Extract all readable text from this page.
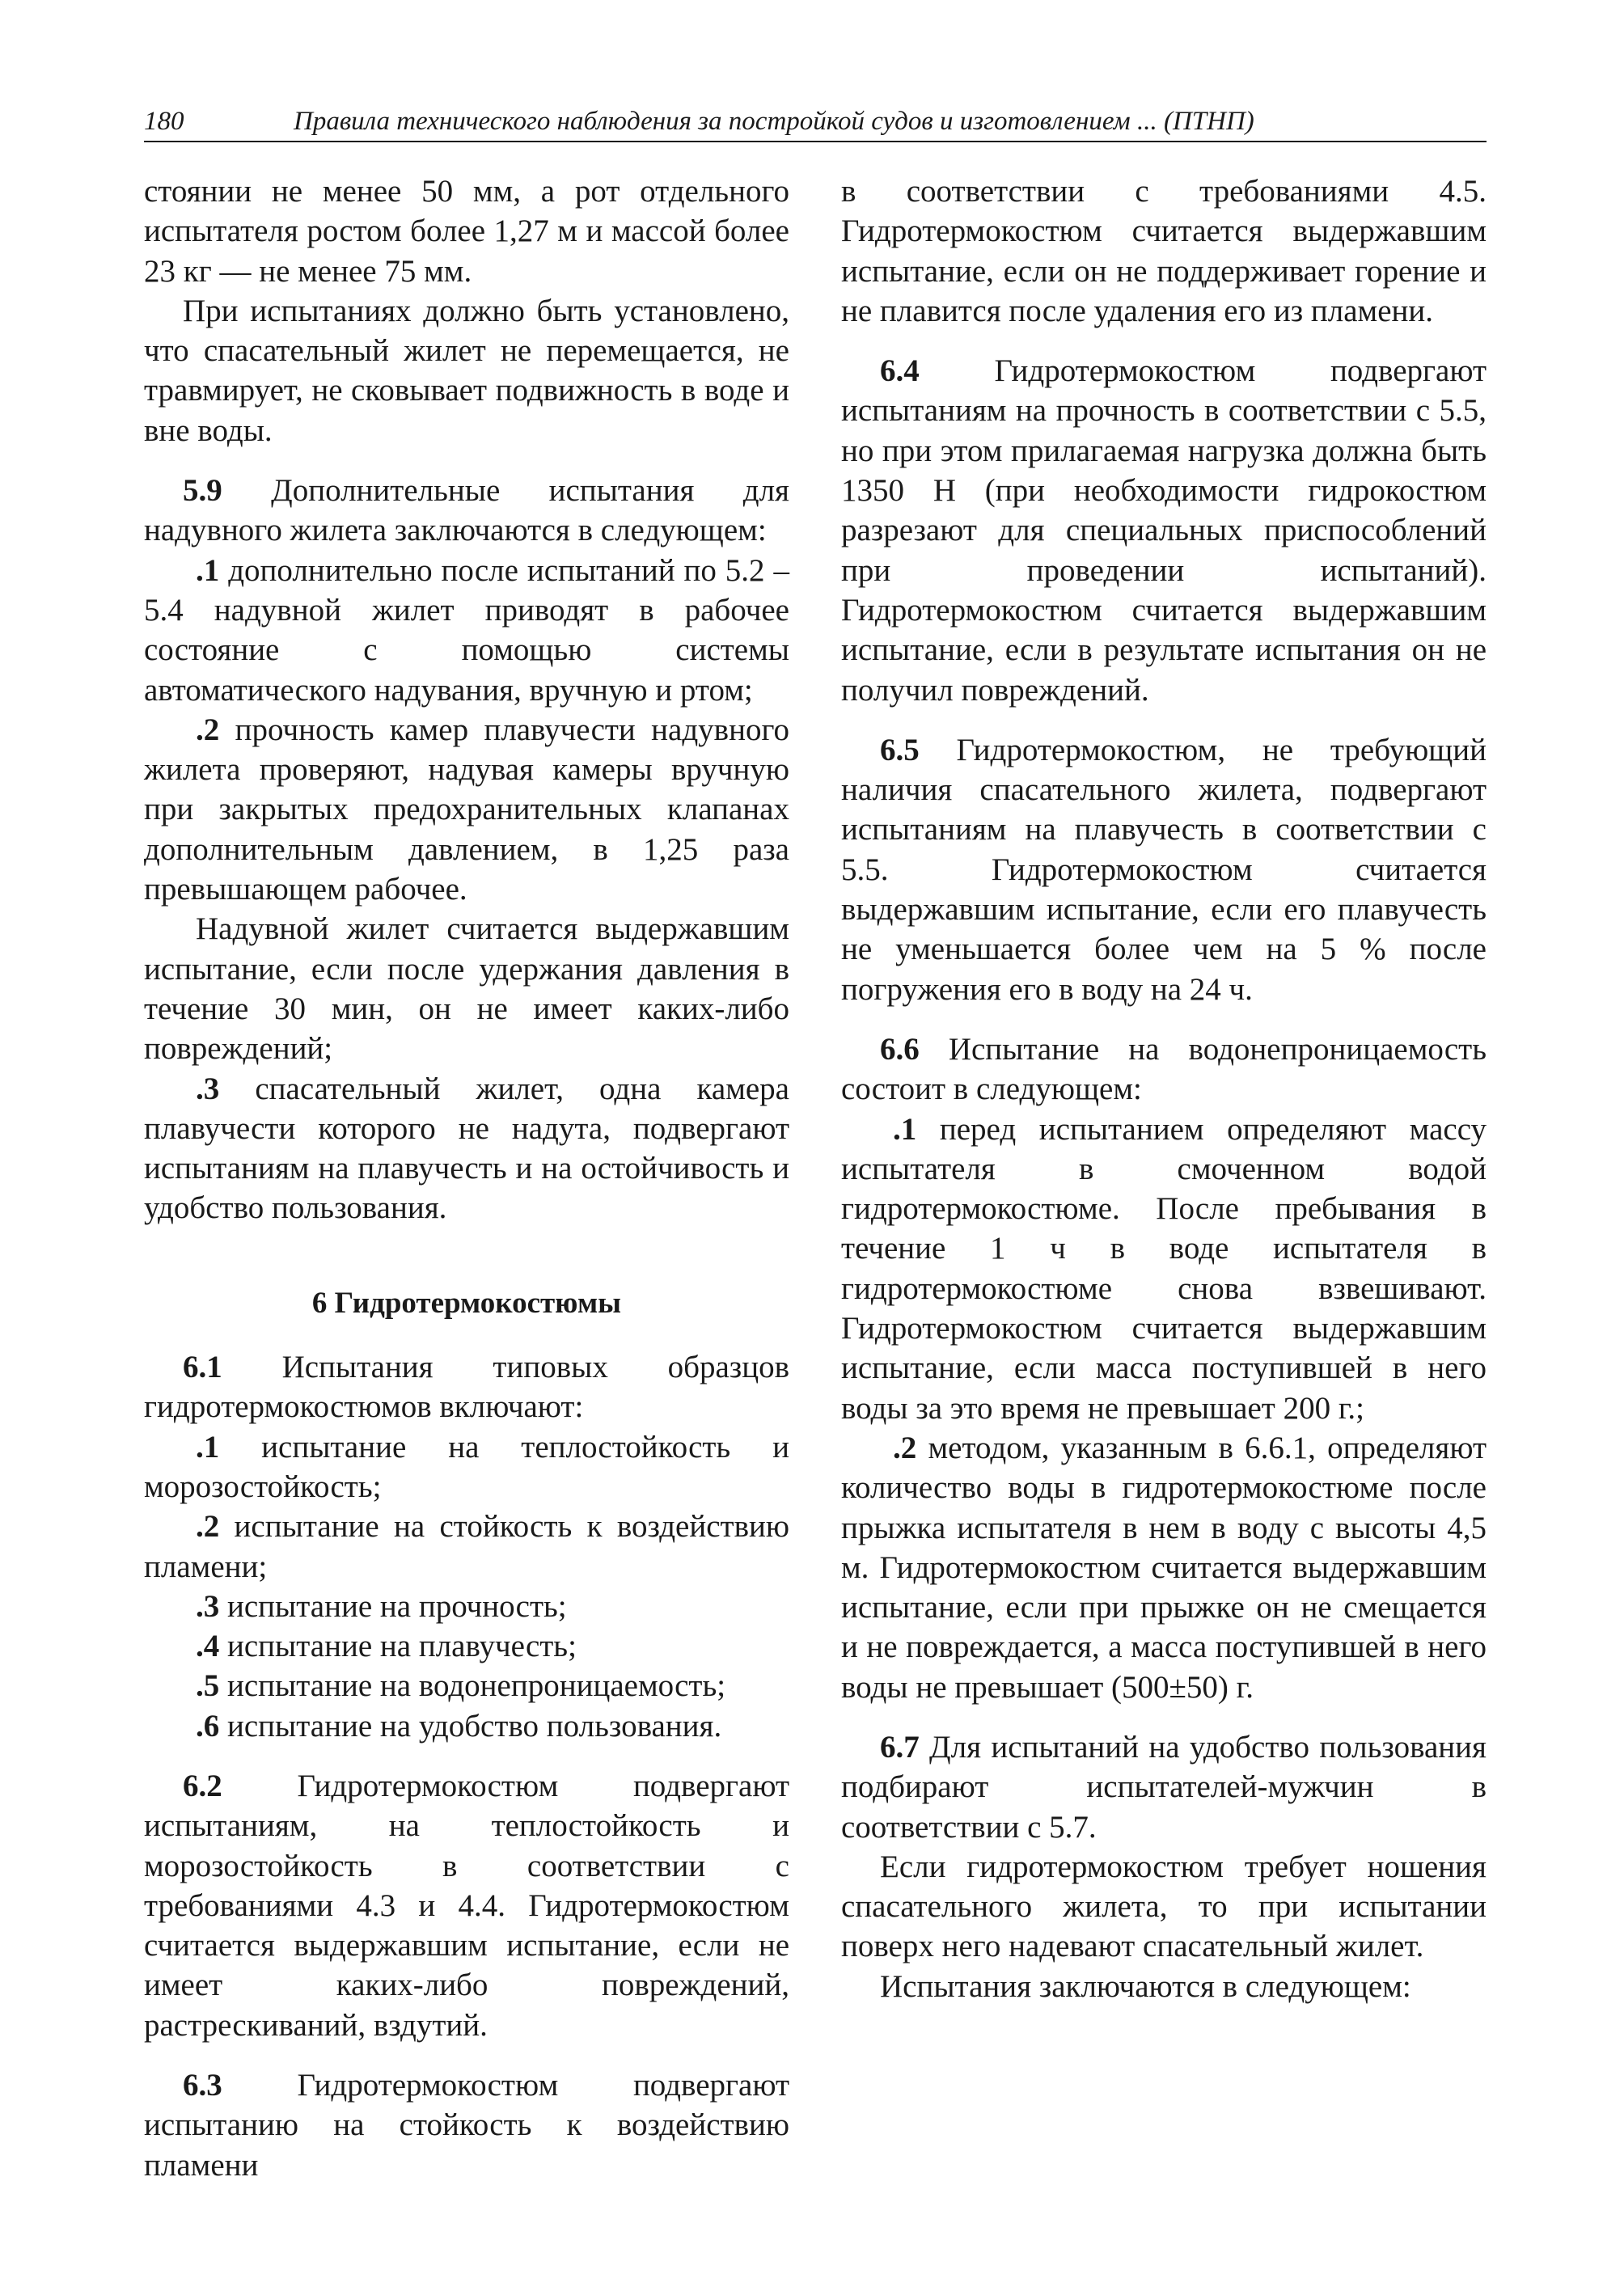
180	Правила технического наблюдения за постройкой судов и изготовлением ... (ПТНП)

стоянии не менее 50 мм, а рот отдельного испытателя ростом более 1,27 м и массой более 23 кг — не менее 75 мм.

При испытаниях должно быть установлено, что спасательный жилет не перемещается, не травмирует, не сковывает подвижность в воде и вне воды.

5.9 Дополнительные испытания для надувного жилета заключаются в следующем:

.1 дополнительно после испытаний по 5.2 – 5.4 надувной жилет приводят в рабочее состояние с помощью системы автоматического надувания, вручную и ртом;

.2 прочность камер плавучести надувного жилета проверяют, надувая камеры вручную при закрытых предохранительных клапанах дополнительным давлением, в 1,25 раза превышающем рабочее.

Надувной жилет считается выдержавшим испытание, если после удержания давления в течение 30 мин, он не имеет каких-либо повреждений;

.3 спасательный жилет, одна камера плавучести которого не надута, подвергают испытаниям на плавучесть и на остойчивость и удобство пользования.

6 Гидротермокостюмы

6.1 Испытания типовых образцов гидротермокостюмов включают:

.1 испытание на теплостойкость и морозостойкость;

.2 испытание на стойкость к воздействию пламени;

.3 испытание на прочность;

.4 испытание на плавучесть;

.5 испытание на водонепроницаемость;

.6 испытание на удобство пользования.

6.2 Гидротермокостюм подвергают испытаниям, на теплостойкость и морозостойкость в соответствии с требованиями 4.3 и 4.4. Гидротермокостюм считается выдержавшим испытание, если не имеет каких-либо повреждений, растрескиваний, вздутий.

6.3 Гидротермокостюм подвергают испытанию на стойкость к воздействию пламени

в соответствии с требованиями 4.5. Гидротермокостюм считается выдержавшим испытание, если он не поддерживает горение и не плавится после удаления его из пламени.

6.4 Гидротермокостюм подвергают испытаниям на прочность в соответствии с 5.5, но при этом прилагаемая нагрузка должна быть 1350 Н (при необходимости гидрокостюм разрезают для специальных приспособлений при проведении испытаний). Гидротермокостюм считается выдержавшим испытание, если в результате испытания он не получил повреждений.

6.5 Гидротермокостюм, не требующий наличия спасательного жилета, подвергают испытаниям на плавучесть в соответствии с 5.5. Гидротермокостюм считается выдержавшим испытание, если его плавучесть не уменьшается более чем на 5 % после погружения его в воду на 24 ч.

6.6 Испытание на водонепроницаемость состоит в следующем:

.1 перед испытанием определяют массу испытателя в смоченном водой гидротермокостюме. После пребывания в течение 1 ч в воде испытателя в гидротермокостюме снова взвешивают. Гидротермокостюм считается выдержавшим испытание, если масса поступившей в него воды за это время не превышает 200 г.;

.2 методом, указанным в 6.6.1, определяют количество воды в гидротермокостюме после прыжка испытателя в нем в воду с высоты 4,5 м. Гидротермокостюм считается выдержавшим испытание, если при прыжке он не смещается и не повреждается, а масса поступившей в него воды не превышает (500±50) г.

6.7 Для испытаний на удобство пользования подбирают испытателей-мужчин в соответствии с 5.7.

Если гидротермокостюм требует ношения спасательного жилета, то при испытании поверх него надевают спасательный жилет.

Испытания заключаются в следующем:
